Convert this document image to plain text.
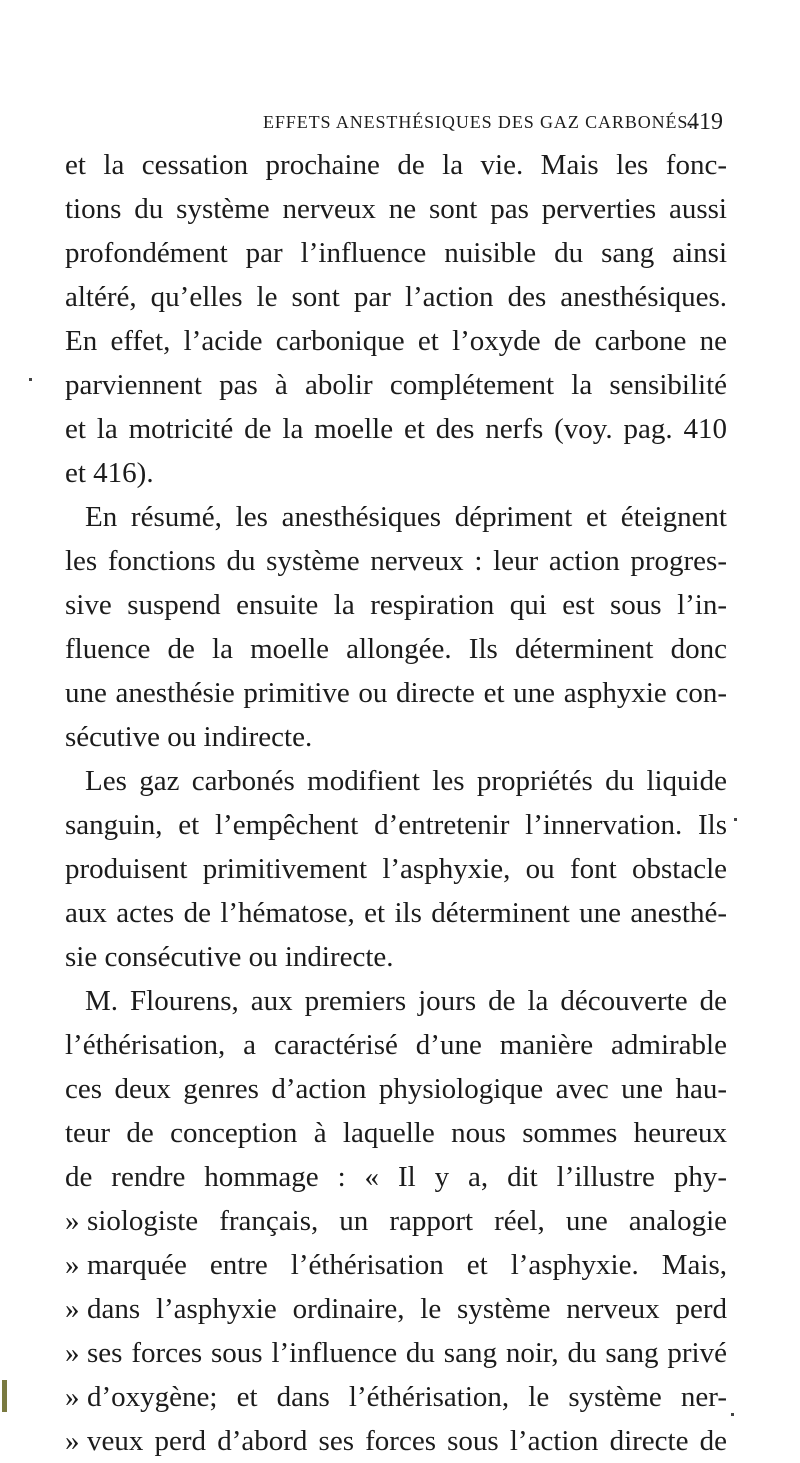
EFFETS ANESTHÉSIQUES DES GAZ CARBONÉS.
419
et la cessation prochaine de la vie. Mais les fonc-
tions du système nerveux ne sont pas perverties aussi
profondément par l’influence nuisible du sang ainsi
altéré, qu’elles le sont par l’action des anesthésiques.
En effet, l’acide carbonique et l’oxyde de carbone ne
parviennent pas à abolir complétement la sensibilité
et la motricité de la moelle et des nerfs (voy. pag. 410
et 416).
En résumé, les anesthésiques dépriment et éteignent
les fonctions du système nerveux : leur action progres-
sive suspend ensuite la respiration qui est sous l’in-
fluence de la moelle allongée. Ils déterminent donc
une anesthésie primitive ou directe et une asphyxie con-
sécutive ou indirecte.
Les gaz carbonés modifient les propriétés du liquide
sanguin, et l’empêchent d’entretenir l’innervation. Ils
produisent primitivement l’asphyxie, ou font obstacle
aux actes de l’hématose, et ils déterminent une anesthé-
sie consécutive ou indirecte.
M. Flourens, aux premiers jours de la découverte de
l’éthérisation, a caractérisé d’une manière admirable
ces deux genres d’action physiologique avec une hau-
teur de conception à laquelle nous sommes heureux
de rendre hommage : « Il y a, dit l’illustre phy-
» siologiste français, un rapport réel, une analogie
» marquée entre l’éthérisation et l’asphyxie. Mais,
» dans l’asphyxie ordinaire, le système nerveux perd
» ses forces sous l’influence du sang noir, du sang privé
» d’oxygène; et dans l’éthérisation, le système ner-
» veux perd d’abord ses forces sous l’action directe de
